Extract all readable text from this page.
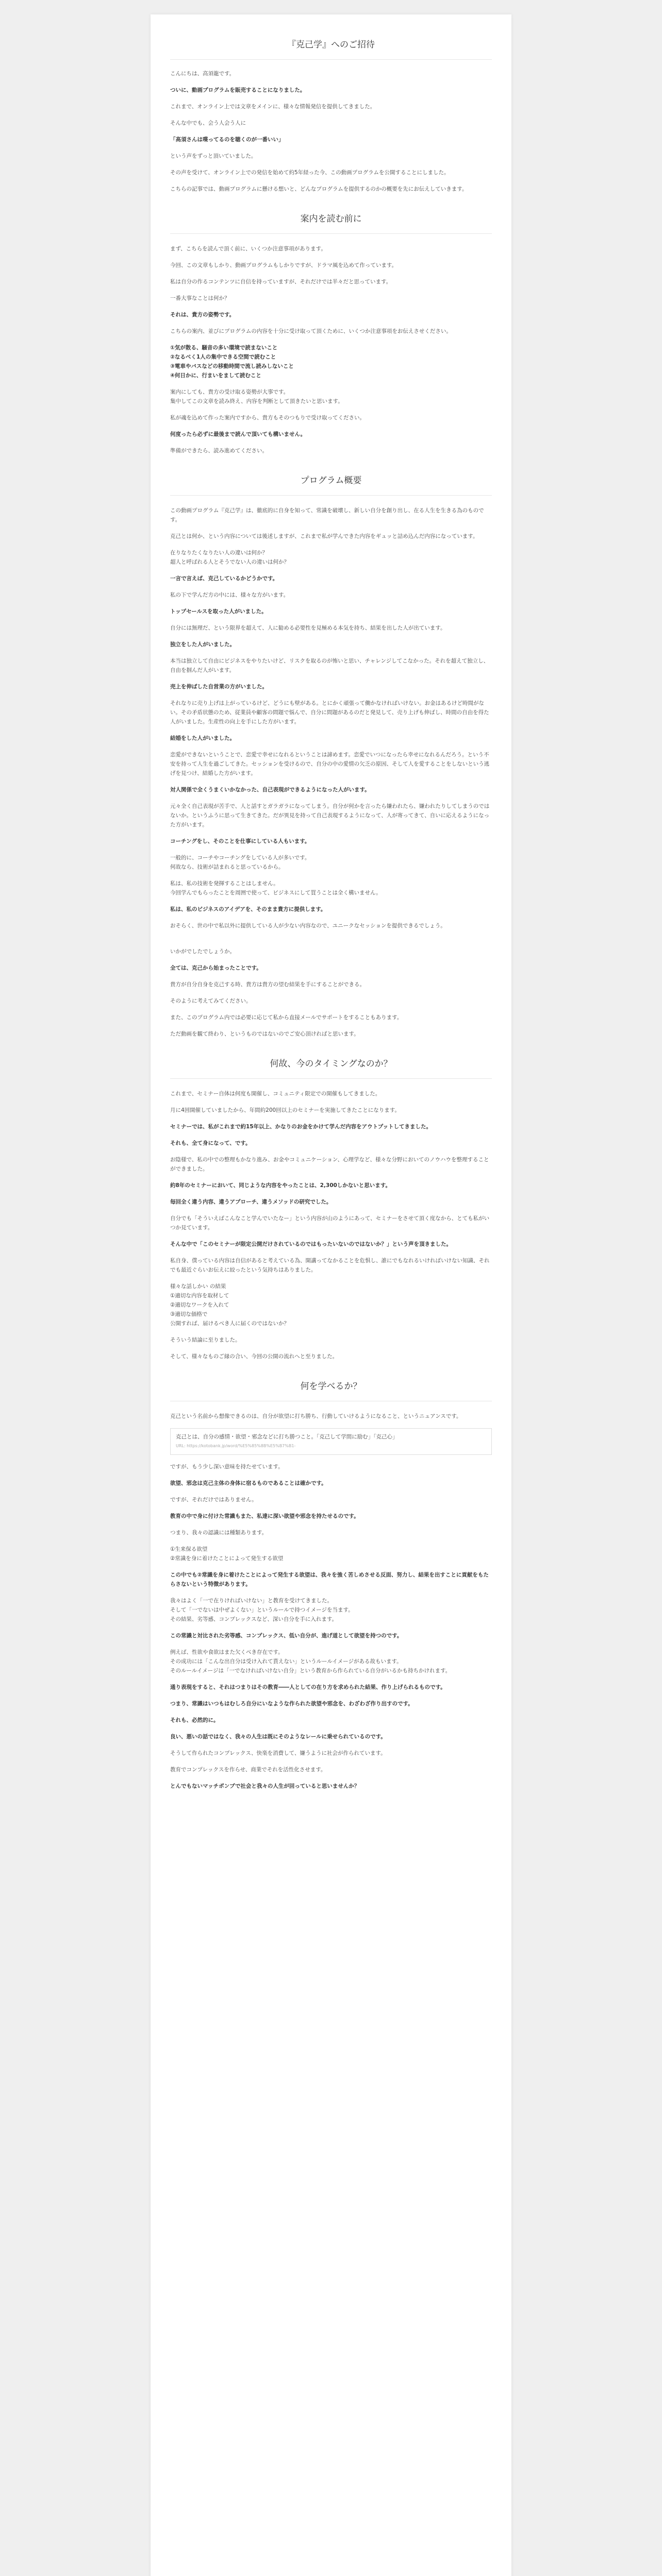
『克己学』へのご招待

こんにちは、高須龍です。

ついに、動画プログラムを販売することになりました。

これまで、オンライン上では文章をメインに、様々な情報発信を提供してきました。

そんな中でも、会う人会う人に

「高須さんは喋ってるのを聴くのが一番いい」

という声をずっと頂いていました。

その声を受けて、オンライン上での発信を始めて約5年経った今、この動画プログラムを公開することにしました。

こちらの記事では、動画プログラムに懸ける想いと、どんなプログラムを提供するのかの概要を先にお伝えしていきます。

案内を読む前に

まず、こちらを読んで頂く前に、いくつか注意事項があります。

今回、この文章もしかり、動画プログラムもしかりですが、ドラマ風を込めて作っています。

私は自分の作るコンテンツに自信を持っていますが、それだけでは半々だと思っています。

一番大事なことは何か？

それは、貴方の姿勢です。

こちらの案内、並びにプログラムの内容を十分に受け取って頂くために、いくつか注意事項をお伝えさせください。

①気が散る、騒音の多い環境で読まないこと
②なるべく1人の集中できる空間で読むこと
③電車やバスなどの移動時間で流し読みしないこと
④何日かに、行まいをまして読むこと

案内にしても、貴方の受け取る姿勢が大事です。
集中してこの文章を読み終え、内容を判断として頂きたいと思います。

私が魂を込めて作った案内ですから、貴方もそのつもりで受け取ってください。

何度ったら必ずに最後まで読んで頂いても構いません。

準備ができたら、読み進めてください。

プログラム概要

この動画プログラム『克己学』は、徹底的に自身を知って、常識を破壊し、新しい自分を創り出し、在る人生を生きる為のものです。

克己とは何か、という内容については後述しますが、これまで私が学んできた内容をギュッと詰め込んだ内容になっています。

在りなりたくなりたい人の違いは何か？
超人と呼ばれる人とそうでない人の違いは何か？

一言で言えば、克己しているかどうかです。

私の下で学んだ方の中には、様々な方がいます。

トップセールスを取った人がいました。

自分には無理だ、という限界を超えて、人に勧める必要性を見極める本気を持ち、結果を出した人が出ています。

独立をした人がいました。

本当は独立して自由にビジネスをやりたいけど、リスクを取るのが怖いと思い、チャレンジしてこなかった。それを超えて独立し、自由を掴んだ人がいます。

売上を伸ばした自営業の方がいました。

それなりに売り上げは上がっているけど、どうにも壁がある。とにかく頑張って働かなければいけない。お金はあるけど時間がない。その矛盾状態のため、従業員や顧客の問題で悩んで、自分に問題があるのだと発見して、売り上げも伸ばし、時間の自由を得た人がいました。生産性の向上を手にした方がいます。

結婚をした人がいました。

恋愛ができないということで、恋愛で幸せになれるということは諦めます。恋愛でいつになったら幸せになれるんだろう。という不安を持って人生を過ごしてきた。セッションを受けるので、自分の中の愛情の欠乏の原因、そして人を愛することをしないという逃げを見つけ、結婚した方がいます。

対人関係で全くうまくいかなかった、自己表現ができるようになった人がいます。

元々全く自己表現が苦手で、人と話すとガラガラになってしまう。自分が何かを言ったら嫌われたら、嫌われたりしてしまうのではないか。というふうに思って生きてきた。だが異見を持って自己表現するようになって、人が寄ってきて、自いに応えるようになった方がいます。

コーチングをし、そのことを仕事にしている人もいます。

一般的に、コーチやコーチングをしている人が多いです。
何故なら、技術が詰まれると思っているから。

私は、私の技術を発揮することはしません。
今回学んでもらったことを周囲で使って、ビジネスにして買うことは全く構いません。

私は、私のビジネスのアイデアを、そのまま貴方に提供します。

おそらく、世の中で私以外に提供している人が少ない内容なので、ユニークなセッションを提供できるでしょう。

いかがでしたでしょうか。

全ては、克己から始まったことです。

貴方が自分自身を克己する時、貴方は貴方の望む結果を手にすることができる。

そのように考えてみてください。

また、このプログラム内では必要に応じて私から直接メールでサポートをすることもあります。

ただ動画を観て終わり、というものではないのでご安心頂ければと思います。

何故、今のタイミングなのか？

これまで、セミナー自体は何度も開催し、コミュニティ限定での開催もしてきました。

月に4回開催していましたから、年間約200回以上のセミナーを実施してきたことになります。

セミナーでは、私がこれまで約15年以上、かなりのお金をかけて学んだ内容をアウトプットしてきました。

それも、全て身になって、です。

お陰様で、私の中での整理もかなり進み、お金やコミュニケーション、心理学など、様々な分野においてのノウハウを整理することができました。

約8年のセミナーにおいて、同じような内容をやったことは、2,300しかないと思います。

毎回全く違う内容、違うアプローチ、違うメソッドの研究でした。

自分でも「そういえばこんなこと学んでいたなー」という内容が山のようにあって、セミナーをさせて頂く度なから、とても私がいつか見ています。

そんな中で「このセミナーが限定公開だけされているのではもったいないのではないか？」という声を頂きました。

私自身、僕っている内容は自信があると考えている為、開講ってなかることを危惧し、誰にでもなれるいければいけない知識、それでも最近ぐらいお伝えに絞ったという気持ちはありました。

様々な話しかい の結果
①適切な内容を取材して
②適切なワークを入れて
③適切な価格で
公開すれば、届けるべき人に届くのではないか？

そういう結論に至りました。

そして、様々なものご縁の合い、今回の公開の流れへと至りました。

何を学べるか？

克己という名前から想像できるのは、自分が欲望に打ち勝ち、行動していけるようになること、というニュアンスです。

克己とは、自分の感情・欲望・邪念などに打ち勝つこと。「克己して学問に励む」「克己心」
URL: https://kotobank.jp/word/%E5%85%8B%E5%B7%B1-

ですが、もう少し深い意味を持たせています。

欲望、邪念は克己主体の身体に宿るものであることは確かです。

ですが、それだけではありません。

教育の中で身に付けた常識もまた、私達に深い欲望や邪念を持たせるのです。

つまり、我々の認識には種類あります。

①生来保る欲望
②常識を身に着けたことによって発生する欲望

この中でも②常識を身に着けたことによって発生する欲望は、我々を強く苦しめさせる反面、努力し、結果を出すことに貢献をもたらさないという特徴があります。

我々はよく「一で在りければいけない」と教育を受けてきました。
そして「一でないは中ぜよくない」というルールで持つイメージを当ます。
その結果、劣等感、コンプレックスなど、深い自分を手に入れます。

この常識と対比された劣等感、コンプレックス、低い自分が、進げ道として欲望を持つのです。

例えば、性欲や食欲はまた欠くべき存在です。
その成功には「こんな出自分は受け入れて貰えない」というルールイメージがある故もいます。
そのルールイメージは「一でなければいけない自分」という教育から作られている自分がいるかも持ちかけれます。

通り表現をすると、それはつまりはその教育――人としての在り方を求められた結果、作り上げられるものです。

つまり、常識はいつもはむしろ自分にいなような作られた欲望や邪念を、わざわざ作り出すのです。

それも、必然的に。

良い、悪いの話ではなく、我々の人生は既にそのようなレールに乗せられているのです。

そうして作られたコンプレックス、快楽を消費して、嫌うように社会が作られています。

教育でコンプレックスを作らせ、商業でそれを活性化させます。

とんでもないマッチポンプで社会と我々の人生が回っていると思いませんか？
